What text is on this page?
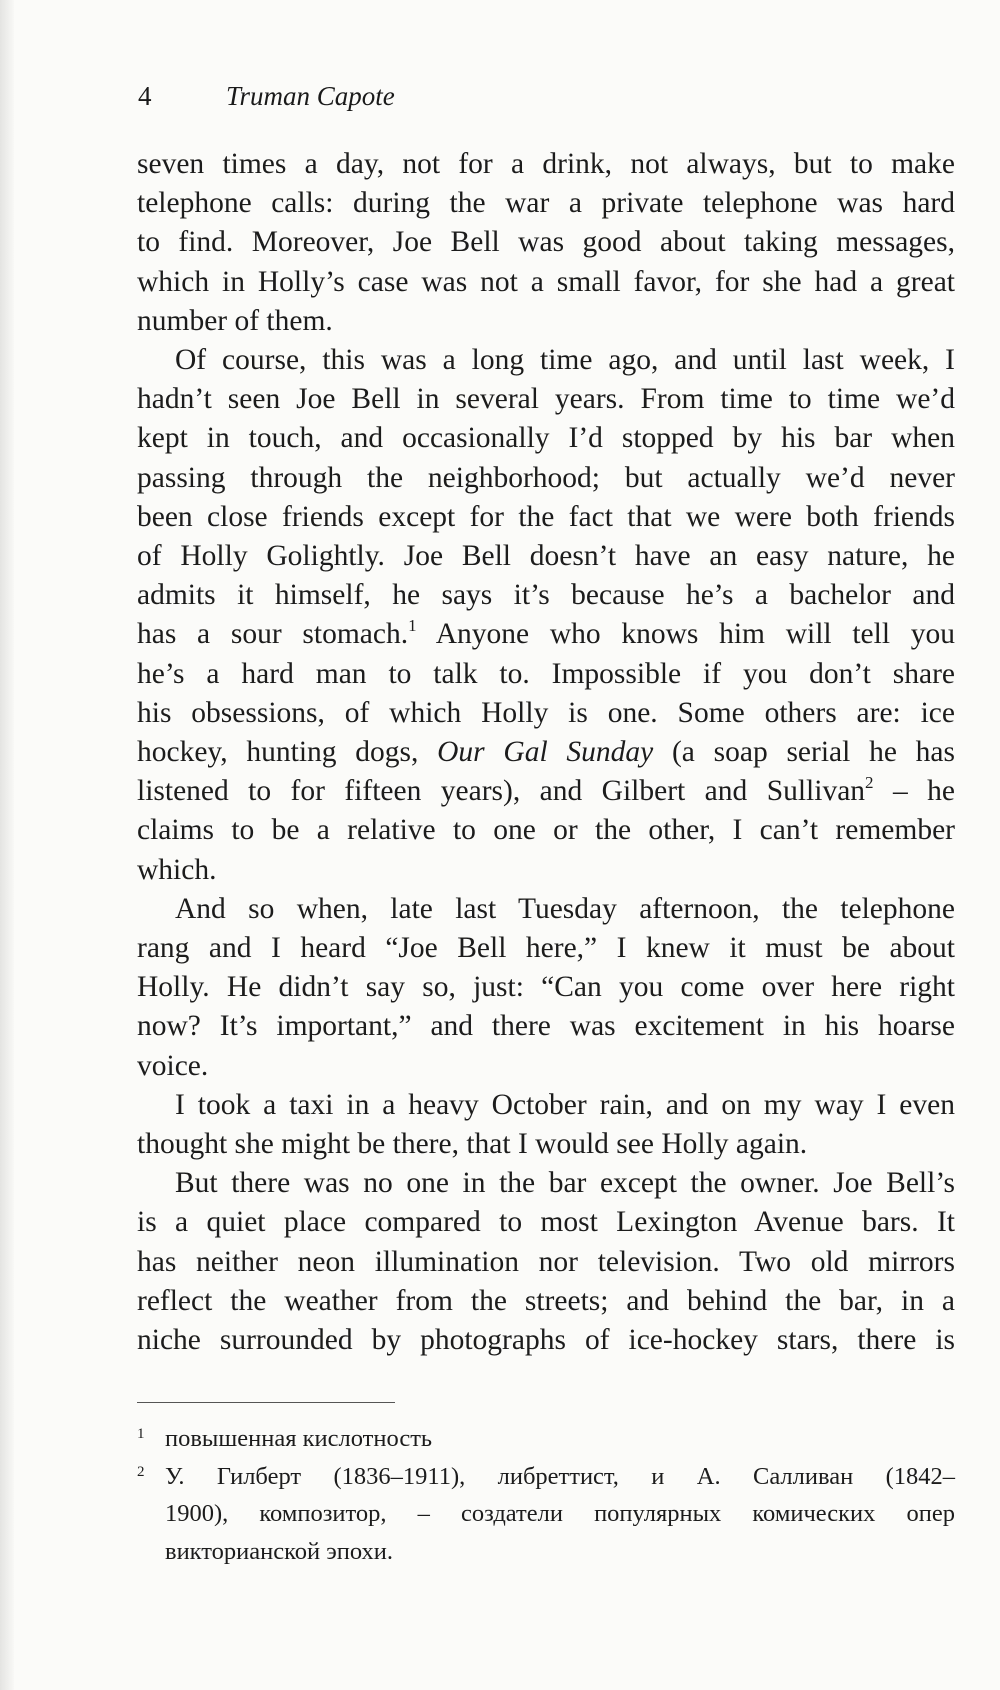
4	Truman Capote

seven times a day, not for a drink, not always, but to make
telephone calls: during the war a private telephone was hard
to find. Moreover, Joe Bell was good about taking messages,
which in Holly’s case was not a small favor, for she had a great
number of them.

Of course, this was a long time ago, and until last week, I
hadn’t seen Joe Bell in several years. From time to time we’d
kept in touch, and occasionally I’d stopped by his bar when
passing through the neighborhood; but actually we’d never
been close friends except for the fact that we were both friends
of Holly Golightly. Joe Bell doesn’t have an easy nature, he
admits it himself, he says it’s because he’s a bachelor and
has a sour stomach.$^1$ Anyone who knows him will tell you
he’s a hard man to talk to. Impossible if you don’t share
his obsessions, of which Holly is one. Some others are: ice
hockey, hunting dogs, Our Gal Sunday (a soap serial he has
listened to for fifteen years), and Gilbert and Sullivan$^2$ – he
claims to be a relative to one or the other, I can’t remember
which.

And so when, late last Tuesday afternoon, the telephone
rang and I heard “Joe Bell here,” I knew it must be about
Holly. He didn’t say so, just: “Can you come over here right
now? It’s important,” and there was excitement in his hoarse
voice.

I took a taxi in a heavy October rain, and on my way I even
thought she might be there, that I would see Holly again.

But there was no one in the bar except the owner. Joe Bell’s
is a quiet place compared to most Lexington Avenue bars. It
has neither neon illumination nor television. Two old mirrors
reflect the weather from the streets; and behind the bar, in a
niche surrounded by photographs of ice-hockey stars, there is

1 повышенная кислотность
2 У. Гилберт (1836–1911), либреттист, и А. Салливан (1842–
1900), композитор, – создатели популярных комических опер
викторианской эпохи.
